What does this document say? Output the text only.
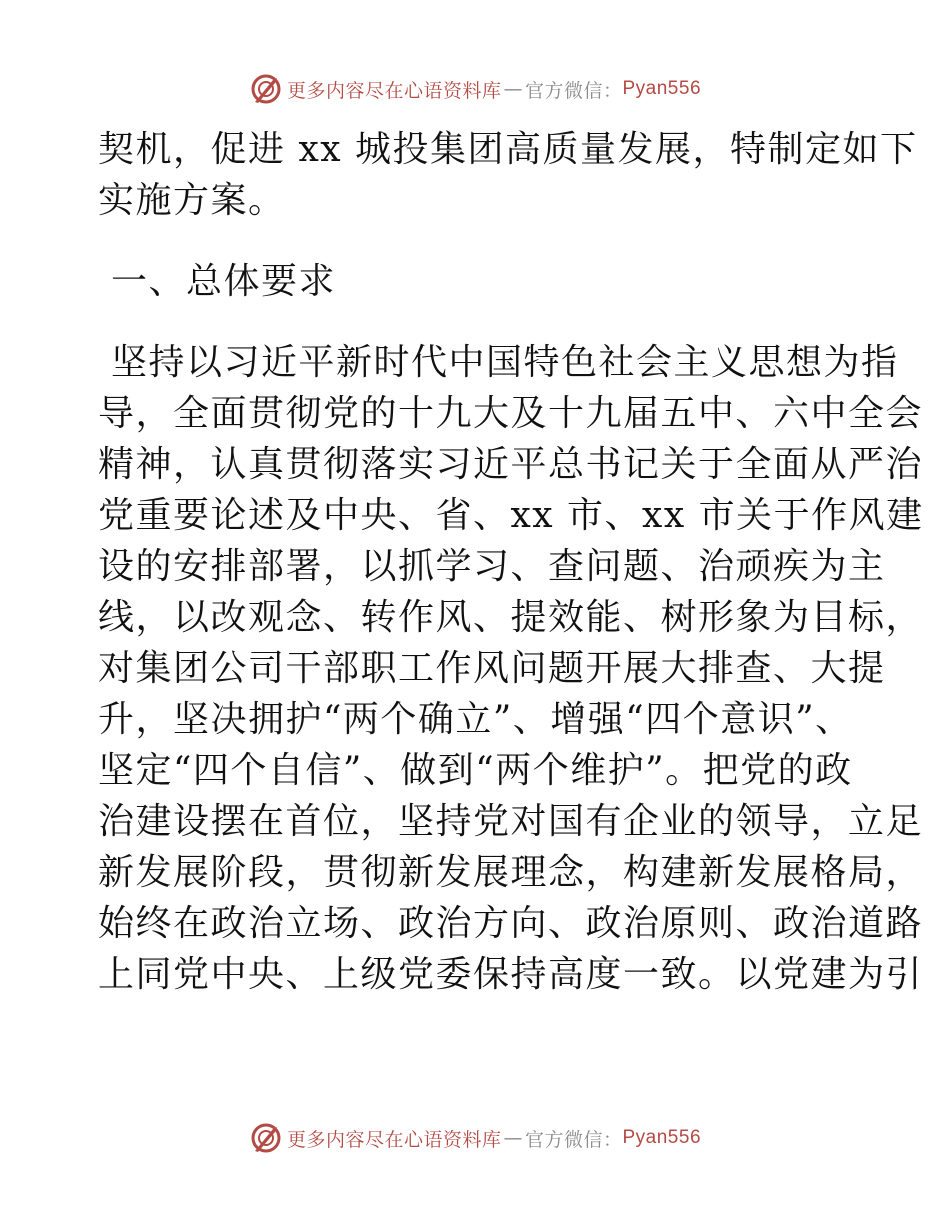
更多内容尽在心语资料库 — 官方微信： Pyan556
契机，促进 xx 城投集团高质量发展，特制定如下
实施方案。
一、总体要求
坚持以习近平新时代中国特色社会主义思想为指
导，全面贯彻党的十九大及十九届五中、六中全会
精神，认真贯彻落实习近平总书记关于全面从严治
党重要论述及中央、省、xx 市、xx 市关于作风建
设的安排部署，以抓学习、查问题、治顽疾为主
线，以改观念、转作风、提效能、树形象为目标，
对集团公司干部职工作风问题开展大排查、大提
升，坚决拥护“两个确立”、增强“四个意识”、
坚定“四个自信”、做到“两个维护”。把党的政
治建设摆在首位，坚持党对国有企业的领导，立足
新发展阶段，贯彻新发展理念，构建新发展格局，
始终在政治立场、政治方向、政治原则、政治道路
上同党中央、上级党委保持高度一致。以党建为引
更多内容尽在心语资料库 — 官方微信： Pyan556
